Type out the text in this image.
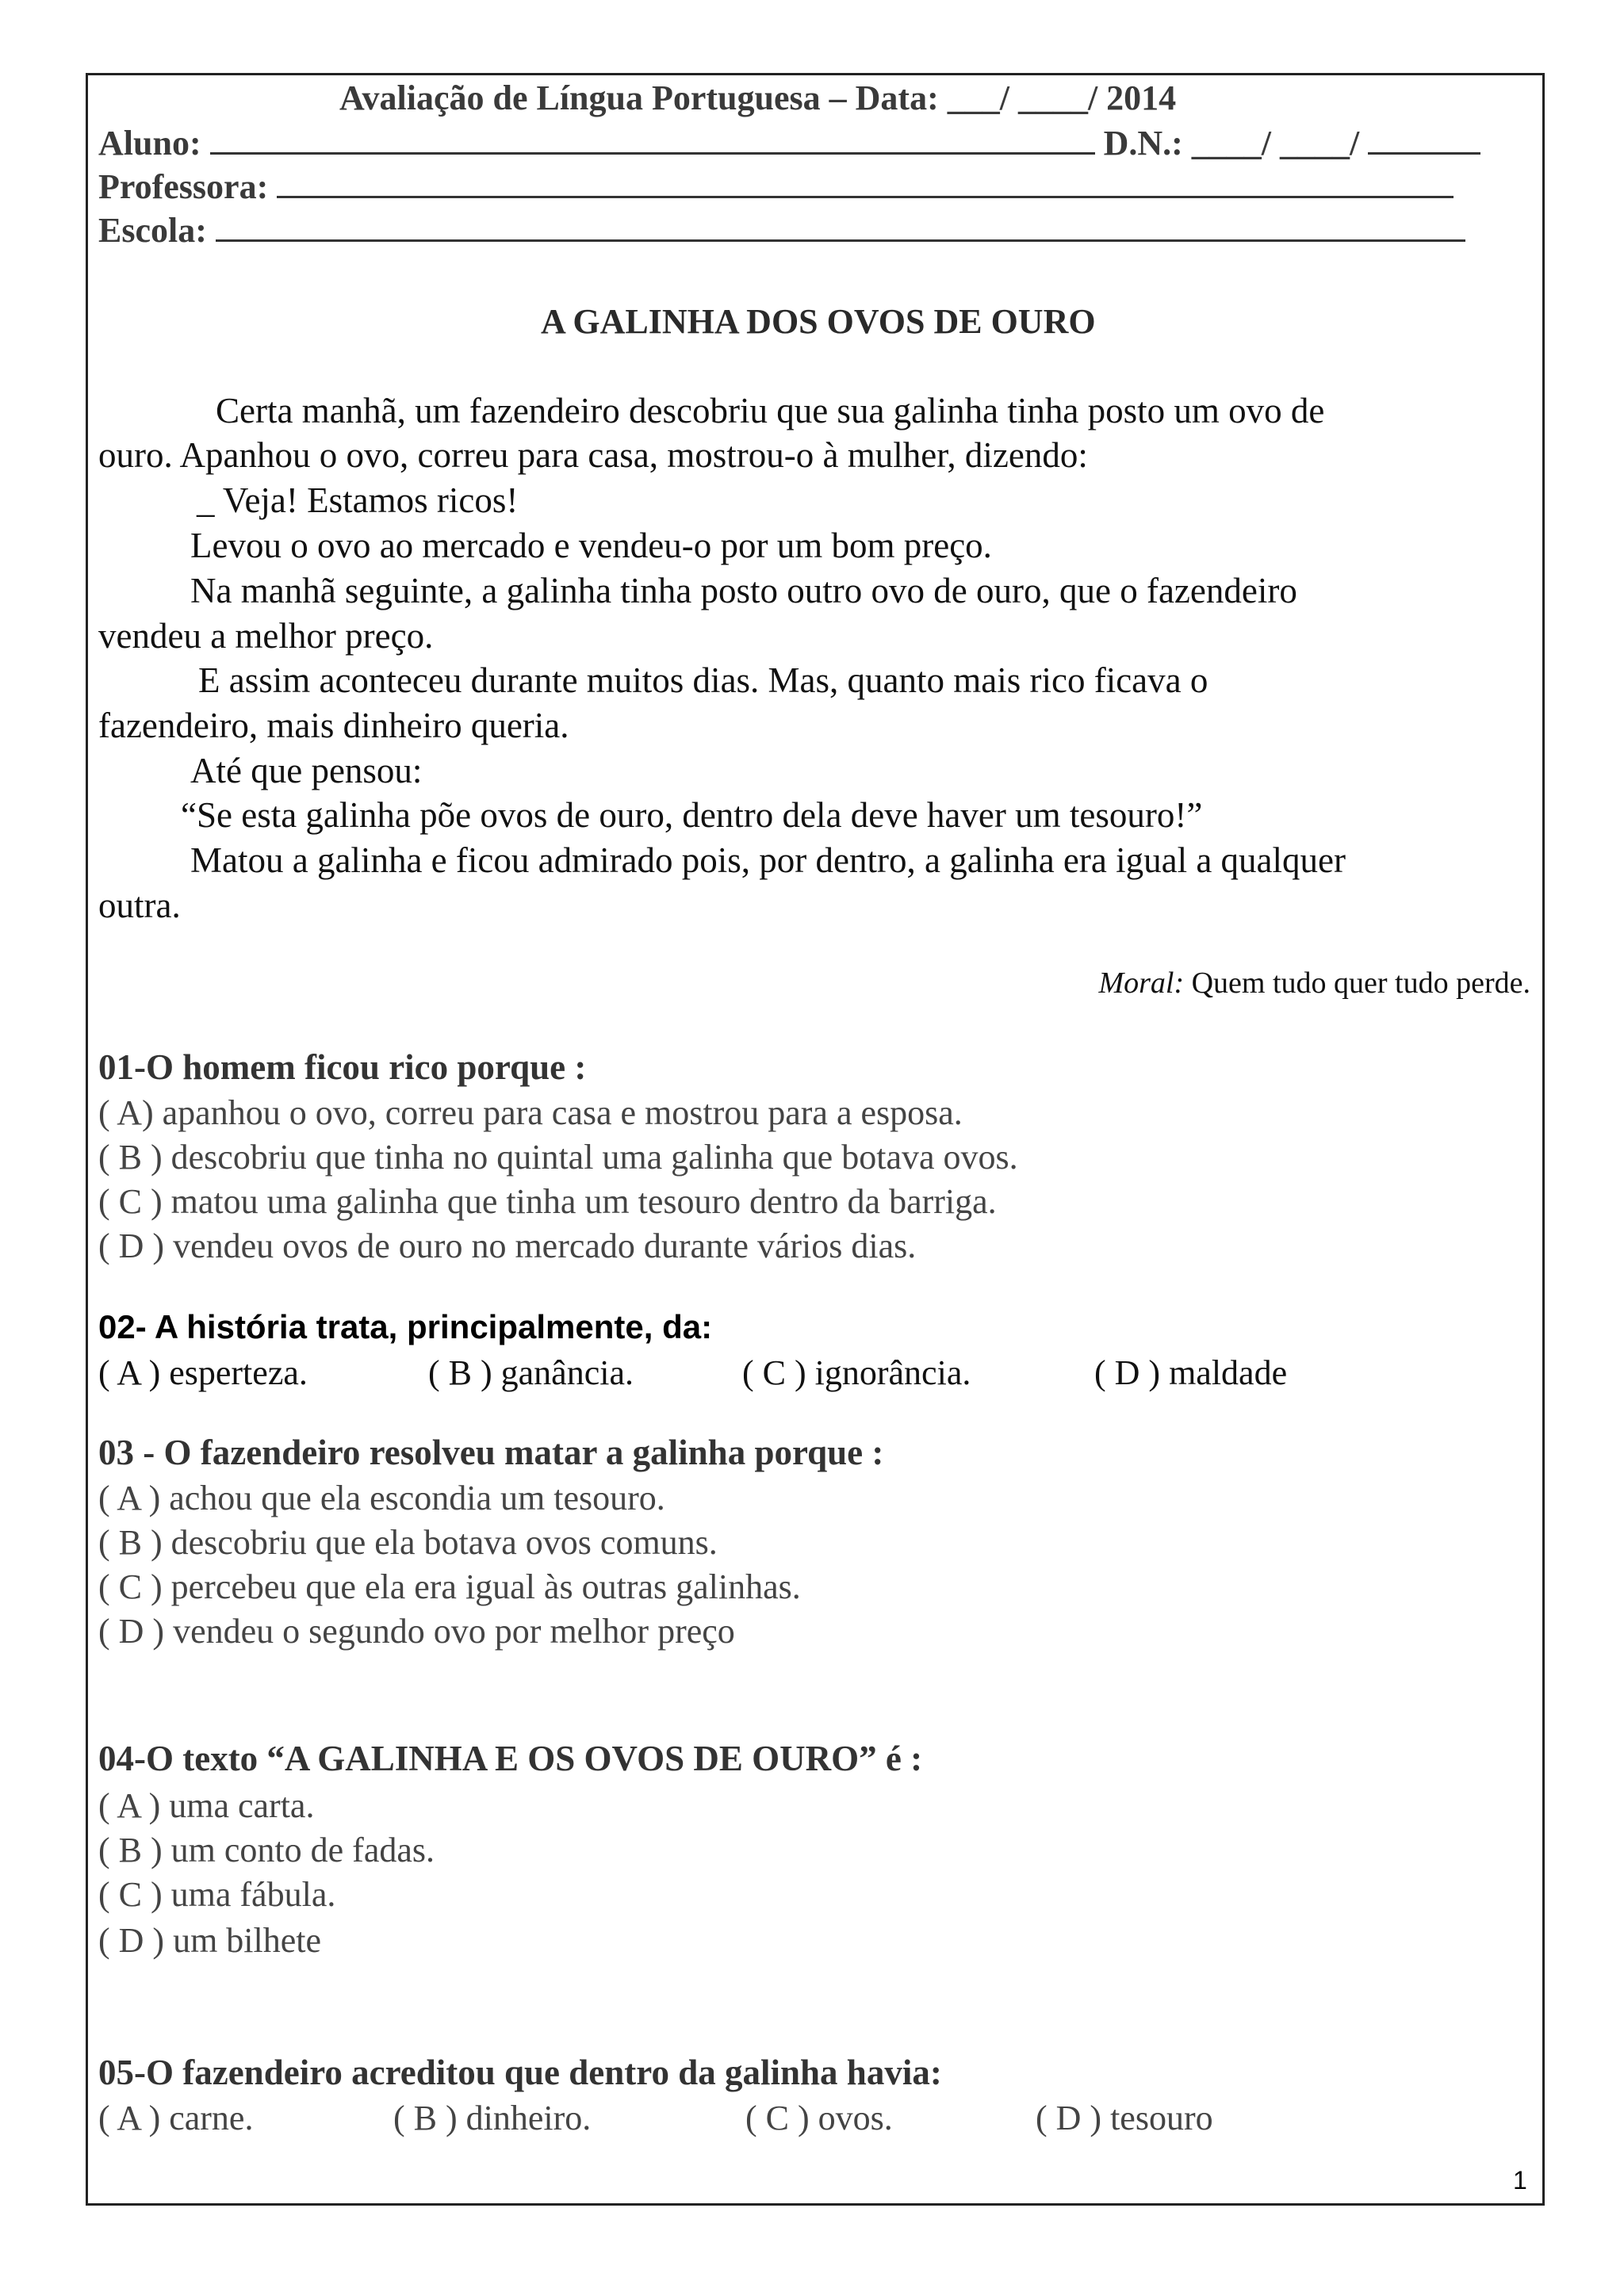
Avaliação de Língua Portuguesa – Data: ___/ ____/ 2014
Aluno:	D.N.: ____/ ____/
Professora:
Escola:
A GALINHA DOS OVOS DE OURO
Certa manhã, um fazendeiro descobriu que sua galinha tinha posto um ovo de
ouro. Apanhou o ovo, correu para casa, mostrou-o à mulher, dizendo:
_ Veja! Estamos ricos!
Levou o ovo ao mercado e vendeu-o por um bom preço.
Na manhã seguinte, a galinha tinha posto outro ovo de ouro, que o fazendeiro
vendeu a melhor preço.
E assim aconteceu durante muitos dias. Mas, quanto mais rico ficava o
fazendeiro, mais dinheiro queria.
Até que pensou:
“Se esta galinha põe ovos de ouro, dentro dela deve haver um tesouro!”
Matou a galinha e ficou admirado pois, por dentro, a galinha era igual a qualquer
outra.
Moral: Quem tudo quer tudo perde.
01-O homem ficou rico porque :
( A) apanhou o ovo, correu para casa e mostrou para a esposa.
( B ) descobriu que tinha no quintal uma galinha que botava ovos.
( C ) matou uma galinha que tinha um tesouro dentro da barriga.
( D ) vendeu ovos de ouro no mercado durante vários dias.
02- A história trata, principalmente, da:
( A ) esperteza.	( B ) ganância.	( C ) ignorância.	( D ) maldade
03 - O fazendeiro resolveu matar a galinha porque :
( A ) achou que ela escondia um tesouro.
( B ) descobriu que ela botava ovos comuns.
( C ) percebeu que ela era igual às outras galinhas.
( D ) vendeu o segundo ovo por melhor preço
04-O texto “A GALINHA E OS OVOS DE OURO” é :
( A ) uma carta.
( B ) um conto de fadas.
( C ) uma fábula.
( D ) um bilhete
05-O fazendeiro acreditou que dentro da galinha havia:
( A ) carne.	( B ) dinheiro.	( C ) ovos.	( D ) tesouro
1
